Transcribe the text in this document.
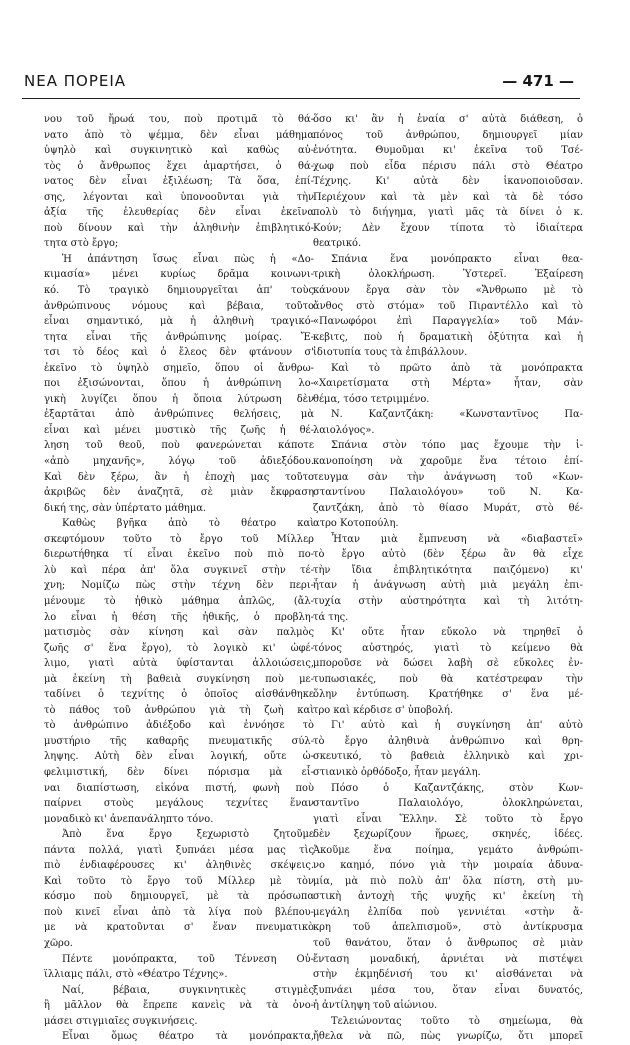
ΝΕΑ ΠΟΡΕΙΑ	— 471 —
νου τοῦ ἥρωά του, ποὺ προτιμᾶ τὸ θά-
νατο ἀπὸ τὸ ψέμμα, δὲν εἶναι μάθημα
ὑψηλὸ καὶ συγκινητικὸ καὶ καθὼς αὐ-
τὸς ὁ ἄνθρωπος ἔχει ἁμαρτήσει, ὁ θά-
νατος δὲν εἶναι ἐξιλέωση; Τὰ ὅσα, ἐπί-
σης, λέγονται καὶ ὑπονοοῦνται γιὰ τὴν
ἀξία τῆς ἐλευθερίας δὲν εἶναι ἐκεῖνα
ποὺ δίνουν καὶ τὴν ἀληθινὴν ἐπιβλητικό-
τητα στὸ ἔργο;
Ἡ ἀπάντηση ἴσως εἶναι πὼς ἡ «Δο-
κιμασία» μένει κυρίως δρᾶμα κοινωνι-
κό. Τὸ τραγικὸ δημιουργεῖται ἀπ' τοὺς
ἀνθρώπινους νόμους καὶ βέβαια, τοῦτο
εἶναι σημαντικό, μὰ ἡ ἀληθινὴ τραγικό-
τητα εἶναι τῆς ἀνθρώπινης μοίρας. Ἔ-
τσι τὸ δέος καὶ ὁ ἔλεος δὲν φτάνουν σ'
ἐκεῖνο τὸ ὑψηλὸ σημεῖο, ὅπου οἱ ἄνθρω-
ποι ἐξισώνονται, ὅπου ἡ ἀνθρώπινη λο-
γικὴ λυγίζει ὅπου ἡ ὅποια λύτρωση δὲν
ἐξαρτᾶται ἀπὸ ἀνθρώπινες θελήσεις, μὰ
εἶναι καὶ μένει μυστικὸ τῆς ζωῆς ἡ θέ-
ληση τοῦ θεοῦ, ποὺ φανερώνεται κάποτε
«ἀπὸ μηχανῆς», λόγῳ τοῦ ἀδιεξόδου.
Καὶ δὲν ξέρω, ἂν ἡ ἐποχὴ μας τοῦτο
ἀκριβῶς δὲν ἀναζητᾶ, σὲ μιὰν ἔκφραση
δική της, σὰν ὑπέρτατο μάθημα.
Καθὼς βγῆκα ἀπὸ τὸ θέατρο καὶ
σκεφτόμουν τοῦτο τὸ ἔργο τοῦ Μίλλερ
διερωτήθηκα τί εἶναι ἐκεῖνο ποὺ πιὸ πο-
λὺ καὶ πέρα ἀπ' ὅλα συγκινεῖ στὴν τέ-
χνη; Νομίζω πὼς στὴν τέχνη δὲν περι-
μένουμε τὸ ἠθικὸ μάθημα ἁπλῶς, (ἄλ-
λο εἶναι ἡ θέση τῆς ἠθικῆς, ὁ προβλη-
ματισμὸς σὰν κίνηση καὶ σὰν παλμὸς
ζωῆς σ' ἕνα ἔργο), τὸ λογικὸ κι' ὠφέ-
λιμο, γιατὶ αὐτὰ ὑφίστανται ἀλλοιώσεις,
μὰ ἐκείνη τὴ βαθειὰ συγκίνηση ποὺ με-
ταδίνει ὁ τεχνίτης ὁ ὁποῖος αἰσθάνθηκε
τὸ πάθος τοῦ ἀνθρώπου γιὰ τὴ ζωὴ καὶ
τὸ ἀνθρώπινο ἀδιέξοδο καὶ ἐννόησε τὸ
μυστήριο τῆς καθαρῆς πνευματικῆς σύλ-
ληψης. Αὐτὴ δὲν εἶναι λογική, οὔτε ὠ-
φελιμιστική, δὲν δίνει πόρισμα μὰ εἶ-
ναι διαπίστωση, εἰκόνα πιστή, φωνὴ ποὺ
παίρνει στοὺς μεγάλους τεχνίτες ἕναν
μοναδικὸ κι' ἀνεπανάληπτο τόνο.
Ἀπὸ ἕνα ἔργο ξεχωριστὸ ζητοῦμε
πάντα πολλά, γιατὶ ξυπνάει μέσα μας τὶς
πιὸ ἐνδιαφέρουσες κι' ἀληθινὲς σκέψεις.
Καὶ τοῦτο τὸ ἔργο τοῦ Μίλλερ μὲ τὸν
κόσμο ποὺ δημιουργεῖ, μὲ τὰ πρόσωπα
ποὺ κινεῖ εἶναι ἀπὸ τὰ λίγα ποὺ βλέπου-
με νὰ κρατοῦνται σ' ἕναν πνευματικὸ
χῶρο.
Πέντε μονόπρακτα, τοῦ Τέννεση Οὐ-
ϊλλιαμς πάλι, στὸ «Θέατρο Τέχνης».
Ναί, βέβαια, συγκινητικὲς στιγμὲς
ἢ μᾶλλον θὰ ἔπρεπε κανεὶς νὰ τὰ ὀνο-
μάσει στιγμιαῖες συγκινήσεις.
Εἶναι ὅμως θέατρο τὰ μονόπρακτα,
ὅσο κι' ἂν ἡ ἑναία σ' αὐτὰ διάθεση, ὁ
πόνος τοῦ ἀνθρώπου, δημιουργεῖ μίαν
ἑνότητα. Θυμοῦμαι κι' ἐκεῖνα τοῦ Τσέ-
χωφ ποὺ εἶδα πέρισυ πάλι στὸ Θέατρο
Τέχνης. Κι' αὐτὰ δὲν ἱκανοποιοῦσαν.
Περιέχουν καὶ τὰ μὲν καὶ τὰ δὲ τόσο
πολὺ τὸ διήγημα, γιατὶ μᾶς τὰ δίνει ὁ κ.
Κούν; Δὲν ἔχουν τίποτα τὸ ἰδιαίτερα
θεατρικό.
Σπάνια ἕνα μονόπρακτο εἶναι θεα-
τρικὴ ὁλοκλήρωση. Ὑστερεῖ. Ἐξαίρεση
κάνουν ἔργα σὰν τὸν «Ἄνθρωπο μὲ τὸ
ἄνθος στὸ στόμα» τοῦ Πιραντέλλο καὶ τὸ
«Πανωφόροι ἐπὶ Παραγγελία» τοῦ Μάν-
κεβιτς, ποὺ ἡ δραματικὴ ὀξύτητα καὶ ἡ
ἰδιοτυπία τους τὰ ἐπιβάλλουν.
Καὶ τὸ πρῶτο ἀπὸ τὰ μονόπρακτα
«Χαιρετίσματα στὴ Μέρτα» ἦταν, σὰν
θέμα, τόσο τετριμμένο.
Ν. Καζαντζάκη: «Κωνσταντῖνος Πα-
λαιολόγος».
Σπάνια στὸν τόπο μας ἔχουμε τὴν ἱ-
κανοποίηση νὰ χαροῦμε ἕνα τέτοιο ἐπί-
τευγμα σὰν τὴν ἀνάγνωση τοῦ «Κων-
σταντίνου Παλαιολόγου» τοῦ Ν. Κα-
ζαντζάκη, ἀπὸ τὸ θίασο Μυράτ, στὸ θέ-
ατρο Κοτοπούλη.
Ἦταν μιὰ ἔμπνευση νὰ «διαβαστεῖ»
τὸ ἔργο αὐτὸ (δὲν ξέρω ἂν θὰ εἶχε
τὴν ἴδια ἐπιβλητικότητα παιζόμενο) κι'
ἦταν ἡ ἀνάγνωση αὐτὴ μιὰ μεγάλη ἐπι-
τυχία στὴν αὐστηρότητα καὶ τὴ λιτότη-
τά της.
Κι' οὔτε ἦταν εὔκολο νὰ τηρηθεῖ ὁ
τόνος αὐστηρός, γιατὶ τὸ κείμενο θὰ
μποροῦσε νὰ δώσει λαβὴ σὲ εὔκολες ἐν-
τυπωσιακές, ποὺ θὰ κατέστρεφαν τὴν
ὅλην ἐντύπωση. Κρατήθηκε σ' ἕνα μέ-
τρο καὶ κέρδισε σ' ὑποβολή.
Γι' αὐτὸ καὶ ἡ συγκίνηση ἀπ' αὐτὸ
τὸ ἔργο ἀληθινὰ ἀνθρώπινο καὶ θρη-
σκευτικό, τὸ βαθειὰ ἑλληνικὸ καὶ χρι-
στιανικὸ ὀρθόδοξο, ἦταν μεγάλη.
Πόσο ὁ Καζαντζάκης, στὸν Κων-
σταντῖνο Παλαιολόγο, ὁλοκληρώνεται,
γιατὶ εἶναι Ἕλλην. Σὲ τοῦτο τὸ ἔργο
δὲν ξεχωρίζουν ἥρωες, σκηνές, ἰδέες.
Ἀκοῦμε ἕνα ποίημα, γεμάτο ἀνθρώπι-
νο καημό, πόνο γιὰ τὴν μοιραία ἀδυνα-
μία, μὰ πιὸ πολὺ ἀπ' ὅλα πίστη, στὴ μυ-
στικὴ ἀντοχὴ τῆς ψυχῆς κι' ἐκείνη τὴ
μεγάλη ἐλπίδα ποὺ γεννιέται «στὴν ἄ-
κρη τοῦ ἀπελπισμοῦ», στὸ ἀντίκρυσμα
τοῦ θανάτου, ὅταν ὁ ἄνθρωπος σὲ μιὰν
ἔνταση μοναδική, ἀρνιέται νὰ πιστέψει
στὴν ἐκμηδένισή του κι' αἰσθάνεται νὰ
ξυπνάει μέσα του, ὅταν εἶναι δυνατός,
ἡ ἀντίληψη τοῦ αἰώνιου.
Τελειώνοντας τοῦτο τὸ σημείωμα, θὰ
ἤθελα νὰ πῶ, πὼς γνωρίζω, ὅτι μπορεῖ
